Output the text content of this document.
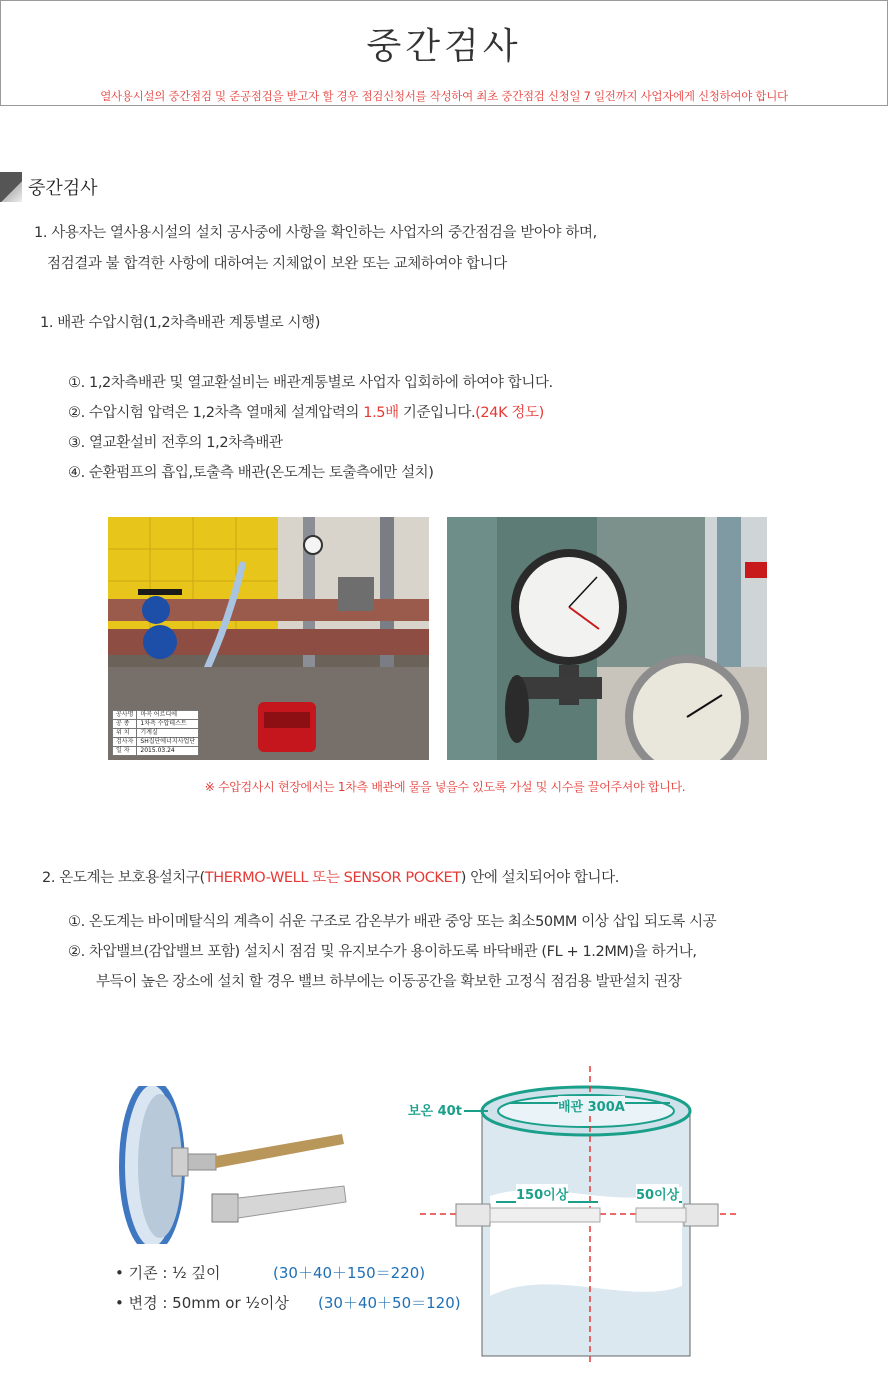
중간검사
열사용시설의 중간점검 및 준공점검을 받고자 할 경우 점검신청서를 작성하여 최초 중간점검 신청일 7 일전까지 사업자에게 신청하여야 합니다
중간검사
1. 사용자는 열사용시설의 설치 공사중에 사항을 확인하는 사업자의 중간점검을 받아야 하며,
점검결과 불 합격한 사항에 대하여는 지체없이 보완 또는 교체하여야 합니다
1. 배관 수압시험(1,2차측배관 계통별로 시행)
①. 1,2차측배관 및 열교환설비는 배관계통별로 사업자 입회하에 하여야 합니다.
②. 수압시험 압력은 1,2차측 열매체 설계압력의 1.5배 기준입니다.(24K 정도)
③. 열교환설비 전후의 1,2차측배관
④. 순환펌프의 흡입,토출측 배관(온도계는 토출측에만 설치)
공사명	마곡 어르디에
공 종	1차측 수압테스트
위 치	기계실
검사자	SH집단에너지사업단
일 자	2015.03.24
※ 수압검사시 현장에서는 1차측 배관에 물을 넣을수 있도록 가설 및 시수를 끌어주셔야 합니다.
2. 온도계는 보호용설치구(THERMO-WELL 또는 SENSOR POCKET) 안에 설치되어야 합니다.
①. 온도계는 바이메탈식의 계측이 쉬운 구조로 감온부가 배관 중앙 또는 최소50MM 이상 삽입 되도록 시공
②. 차압밸브(감압밸브 포함) 설치시 점검 및 유지보수가 용이하도록 바닥배관 (FL + 1.2MM)을 하거나,
부득이 높은 장소에 설치 할 경우 밸브 하부에는 이동공간을 확보한 고정식 점검용 발판설치 권장
• 기존 : ½ 깊이	(30＋40＋150＝220)
• 변경 : 50mm or ½이상 (30＋40＋50＝120)
보온 40t	배관 300A
150이상	50이상
